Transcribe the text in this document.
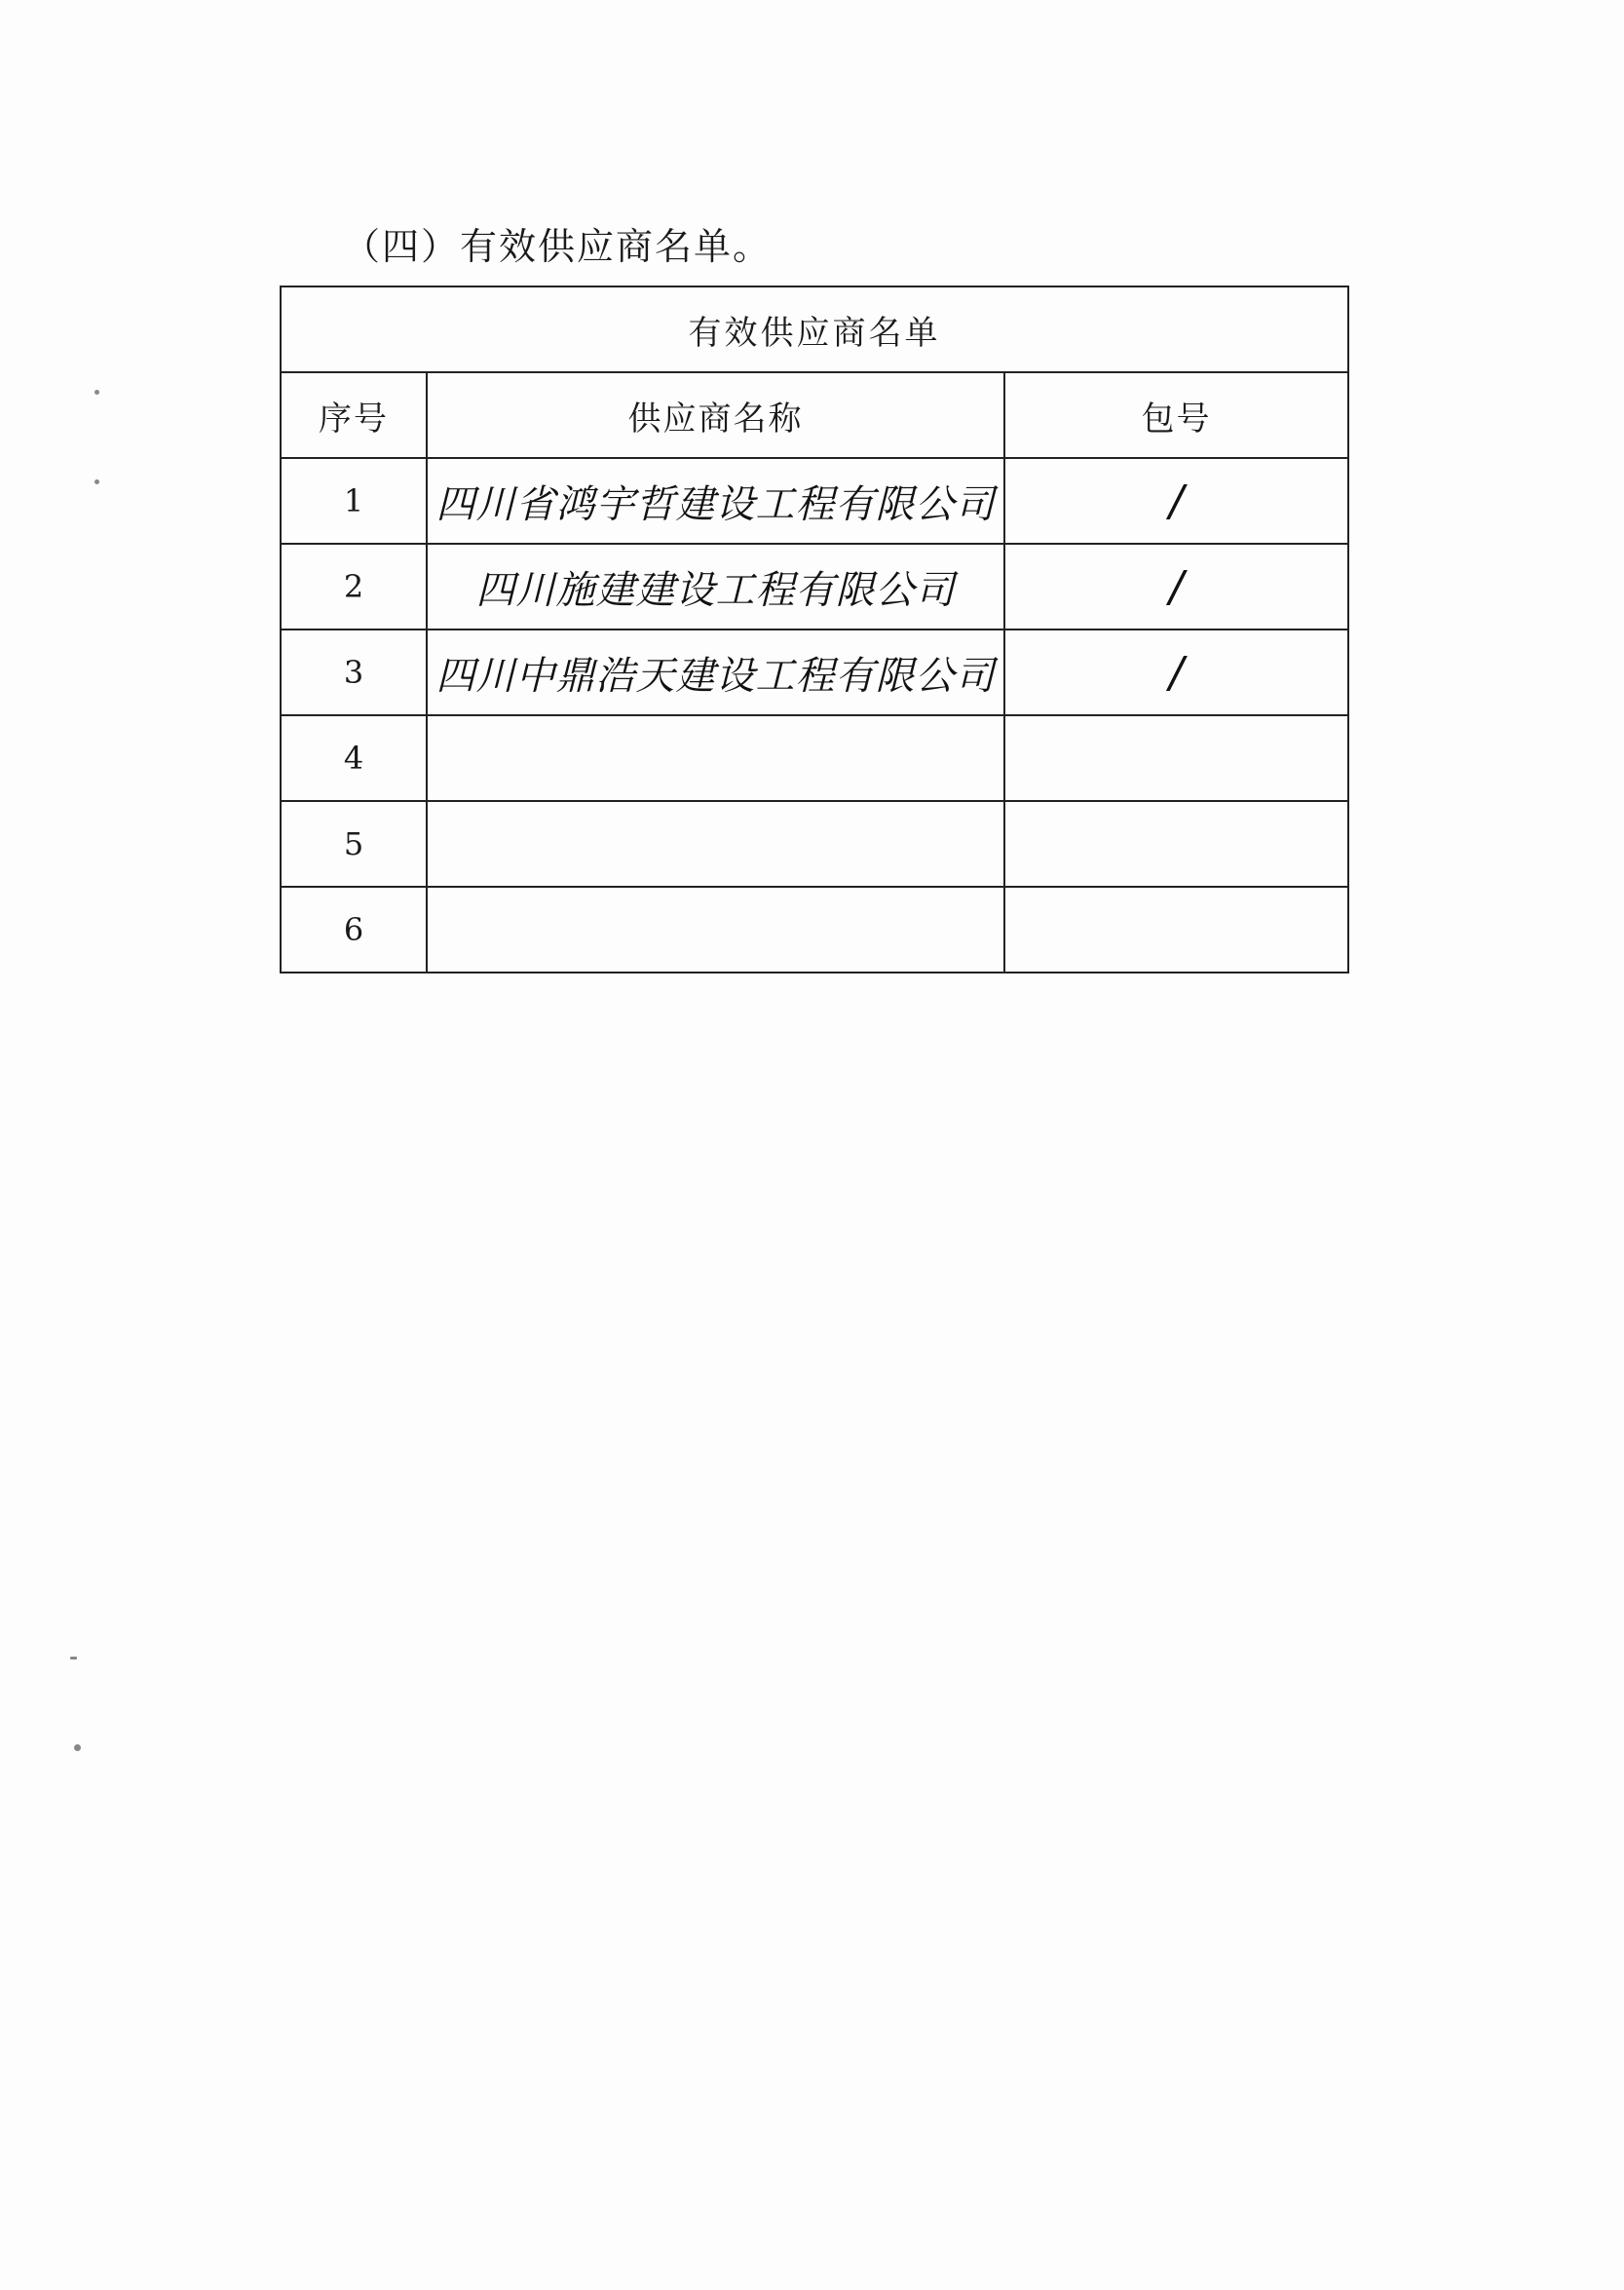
（四）有效供应商名单。
有效供应商名单		
序号	供应商名称	包号
1	四川省鸿宇哲建设工程有限公司	/
2	四川施建建设工程有限公司	/
3	四川中鼎浩天建设工程有限公司	/
4		
5		
6		
